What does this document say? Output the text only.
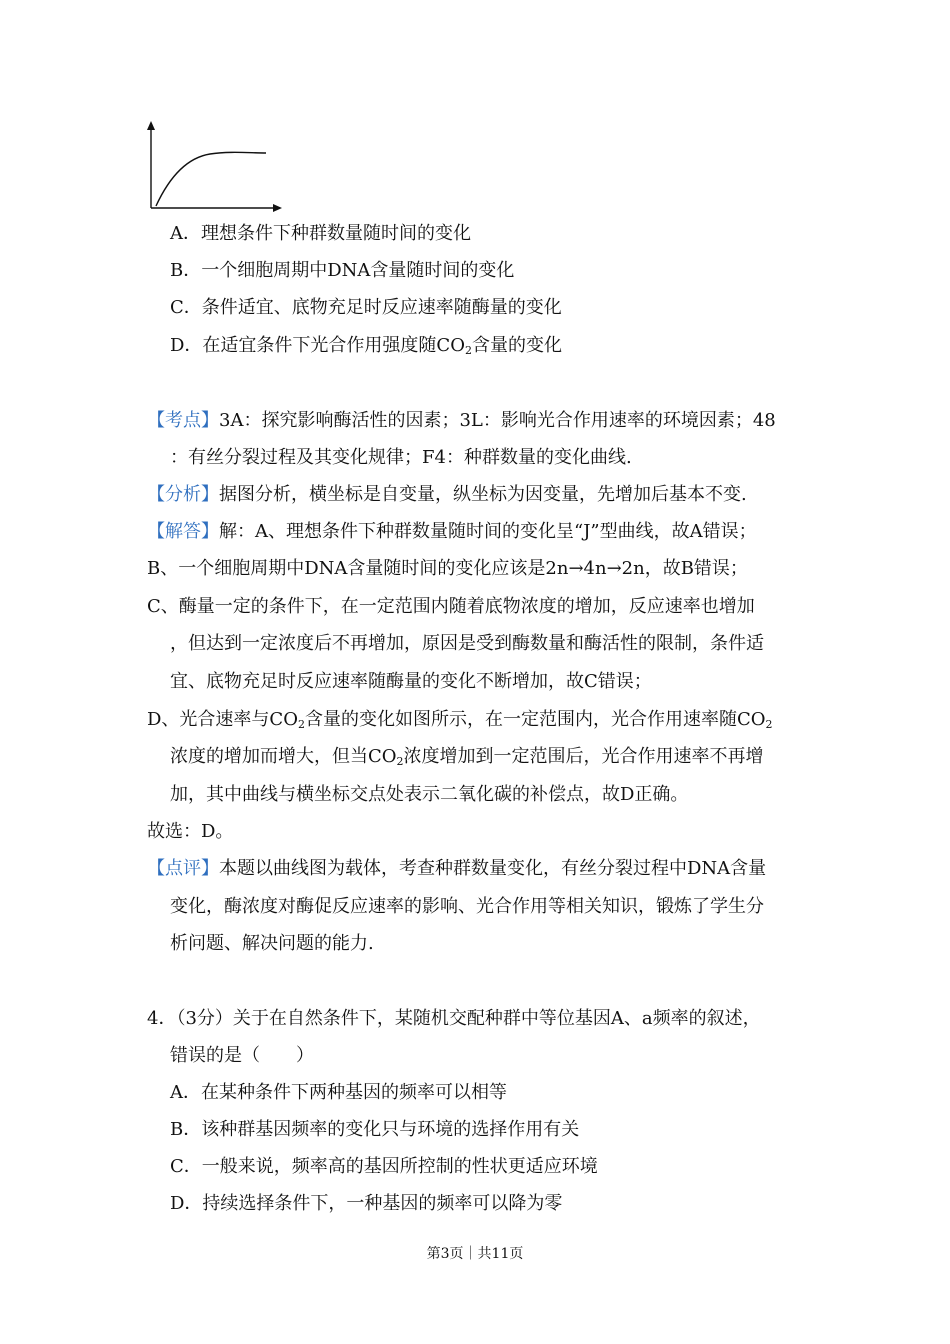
A．理想条件下种群数量随时间的变化
B．一个细胞周期中DNA含量随时间的变化
C．条件适宜、底物充足时反应速率随酶量的变化
D．在适宜条件下光合作用强度随$CO_2$含量的变化
【考点】3A：探究影响酶活性的因素；3L：影响光合作用速率的环境因素；48
：有丝分裂过程及其变化规律；F4：种群数量的变化曲线.
【分析】据图分析，横坐标是自变量，纵坐标为因变量，先增加后基本不变.
【解答】解：A、理想条件下种群数量随时间的变化呈“J”型曲线，故A错误；
B、一个细胞周期中DNA含量随时间的变化应该是2n→4n→2n，故B错误；
C、酶量一定的条件下，在一定范围内随着底物浓度的增加，反应速率也增加
，但达到一定浓度后不再增加，原因是受到酶数量和酶活性的限制，条件适
宜、底物充足时反应速率随酶量的变化不断增加，故C错误；
D、光合速率与$CO_2$含量的变化如图所示，在一定范围内，光合作用速率随$CO_2$
浓度的增加而增大，但当$CO_2$浓度增加到一定范围后，光合作用速率不再增
加，其中曲线与横坐标交点处表示二氧化碳的补偿点，故D正确。
故选：D。
【点评】本题以曲线图为载体，考查种群数量变化，有丝分裂过程中DNA含量
变化，酶浓度对酶促反应速率的影响、光合作用等相关知识，锻炼了学生分
析问题、解决问题的能力.
4．（3分）关于在自然条件下，某随机交配种群中等位基因A、a频率的叙述，
错误的是（　　）
A．在某种条件下两种基因的频率可以相等
B．该种群基因频率的变化只与环境的选择作用有关
C．一般来说，频率高的基因所控制的性状更适应环境
D．持续选择条件下，一种基因的频率可以降为零
第3页｜共11页
